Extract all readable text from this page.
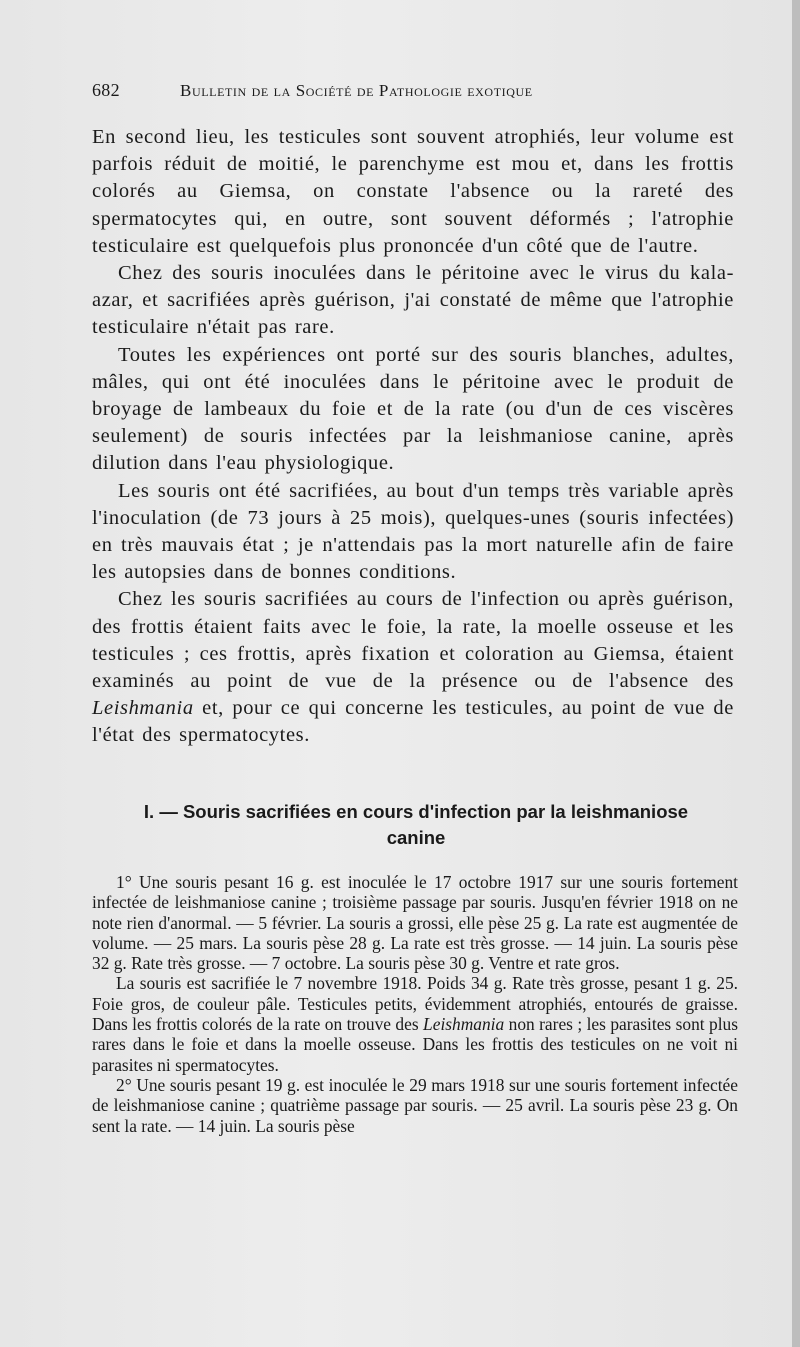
682	Bulletin de la Société de Pathologie exotique

En second lieu, les testicules sont souvent atrophiés, leur volume est parfois réduit de moitié, le parenchyme est mou et, dans les frottis colorés au Giemsa, on constate l'absence ou la rareté des spermatocytes qui, en outre, sont souvent déformés ; l'atrophie testiculaire est quelquefois plus prononcée d'un côté que de l'autre.

Chez des souris inoculées dans le péritoine avec le virus du kala-azar, et sacrifiées après guérison, j'ai constaté de même que l'atrophie testiculaire n'était pas rare.

Toutes les expériences ont porté sur des souris blanches, adultes, mâles, qui ont été inoculées dans le péritoine avec le produit de broyage de lambeaux du foie et de la rate (ou d'un de ces viscères seulement) de souris infectées par la leishmaniose canine, après dilution dans l'eau physiologique.

Les souris ont été sacrifiées, au bout d'un temps très variable après l'inoculation (de 73 jours à 25 mois), quelques-unes (souris infectées) en très mauvais état ; je n'attendais pas la mort naturelle afin de faire les autopsies dans de bonnes conditions.

Chez les souris sacrifiées au cours de l'infection ou après guérison, des frottis étaient faits avec le foie, la rate, la moelle osseuse et les testicules ; ces frottis, après fixation et coloration au Giemsa, étaient examinés au point de vue de la présence ou de l'absence des Leishmania et, pour ce qui concerne les testicules, au point de vue de l'état des spermatocytes.

I. — Souris sacrifiées en cours d'infection par la leishmaniose
canine

1° Une souris pesant 16 g. est inoculée le 17 octobre 1917 sur une souris fortement infectée de leishmaniose canine ; troisième passage par souris. Jusqu'en février 1918 on ne note rien d'anormal. — 5 février. La souris a grossi, elle pèse 25 g. La rate est augmentée de volume. — 25 mars. La souris pèse 28 g. La rate est très grosse. — 14 juin. La souris pèse 32 g. Rate très grosse. — 7 octobre. La souris pèse 30 g. Ventre et rate gros.

La souris est sacrifiée le 7 novembre 1918. Poids 34 g. Rate très grosse, pesant 1 g. 25. Foie gros, de couleur pâle. Testicules petits, évidemment atrophiés, entourés de graisse. Dans les frottis colorés de la rate on trouve des Leishmania non rares ; les parasites sont plus rares dans le foie et dans la moelle osseuse. Dans les frottis des testicules on ne voit ni parasites ni spermatocytes.

2° Une souris pesant 19 g. est inoculée le 29 mars 1918 sur une souris fortement infectée de leishmaniose canine ; quatrième passage par souris. — 25 avril. La souris pèse 23 g. On sent la rate. — 14 juin. La souris pèse
